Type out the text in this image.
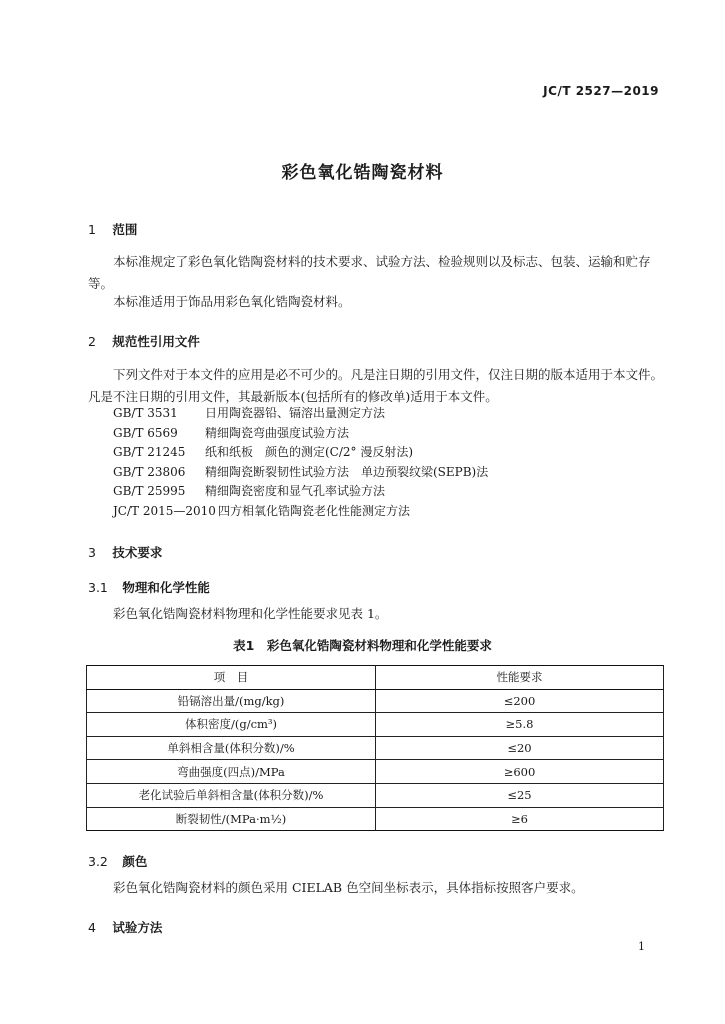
JC/T 2527—2019
彩色氧化锆陶瓷材料
1 范围

本标准规定了彩色氧化锆陶瓷材料的技术要求、试验方法、检验规则以及标志、包装、运输和贮存等。

本标准适用于饰品用彩色氧化锆陶瓷材料。

2 规范性引用文件

下列文件对于本文件的应用是必不可少的。凡是注日期的引用文件，仅注日期的版本适用于本文件。凡是不注日期的引用文件，其最新版本(包括所有的修改单)适用于本文件。

GB/T 3531 日用陶瓷器铅、镉溶出量测定方法
GB/T 6569 精细陶瓷弯曲强度试验方法
GB/T 21245 纸和纸板　颜色的测定(C/2° 漫反射法)
GB/T 23806 精细陶瓷断裂韧性试验方法　单边预裂纹梁(SEPB)法
GB/T 25995 精细陶瓷密度和显气孔率试验方法
JC/T 2015—2010 四方相氧化锆陶瓷老化性能测定方法
3 技术要求
3.1 物理和化学性能

彩色氧化锆陶瓷材料物理和化学性能要求见表 1。

表1　彩色氧化锆陶瓷材料物理和化学性能要求
项　目	性能要求
铅镉溶出量/(mg/kg)	≤200
体积密度/(g/cm³)	≥5.8
单斜相含量(体积分数)/%	≤20
弯曲强度(四点)/MPa	≥600
老化试验后单斜相含量(体积分数)/%	≤25
断裂韧性/(MPa·m½)	≥6
3.2 颜色

彩色氧化锆陶瓷材料的颜色采用 CIELAB 色空间坐标表示，具体指标按照客户要求。

4 试验方法
1
